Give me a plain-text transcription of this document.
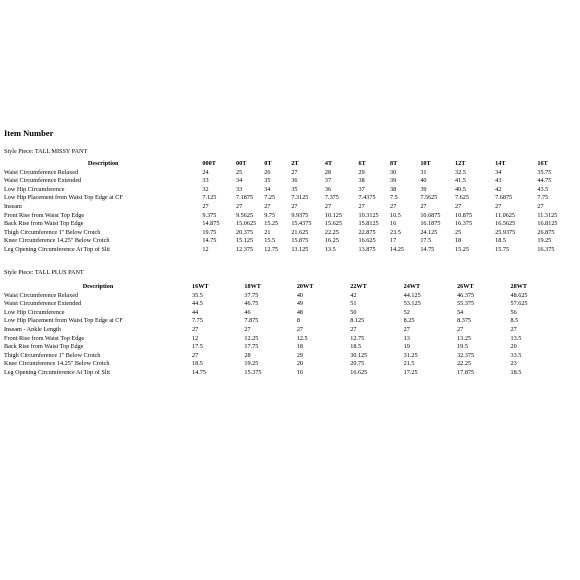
Item Number
Style Piece: TALL MISSY PANT
Description	000T	00T	0T	2T	4T	6T	8T	10T	12T	14T	16T
Waist Circumference Relaxed	24	25	26	27	28	29	30	31	32.5	34	35.75
Waist Circumference Extended	33	34	35	36	37	38	39	40	41.5	43	44.75
Low Hip Circumference	32	33	34	35	36	37	38	39	40.5	42	43.5
Low Hip Placement from Waist Top Edge at CF	7.125	7.1875	7.25	7.3125	7.375	7.4375	7.5	7.5625	7.625	7.6875	7.75
Inseam	27	27	27	27	27	27	27	27	27	27	27
Front Rise from Waist Top Edge	9.375	9.5625	9.75	9.9375	10.125	10.3125	10.5	10.6875	10.875	11.0625	11.3125
Back Rise from Waist Top Edge	14.875	15.0625	15.25	15.4375	15.625	15.8125	16	16.1875	16.375	16.5625	16.8125
Thigh Circumference 1" Below Crotch	19.75	20.375	21	21.625	22.25	22.875	23.5	24.125	25	25.9375	26.875
Knee Circumference 14.25" Below Crotch	14.75	15.125	15.5	15.875	16.25	16.625	17	17.5	18	18.5	19.25
Leg Opening Circumference At Top of Slit	12	12.375	12.75	13.125	13.5	13.875	14.25	14.75	15.25	15.75	16.375
Style Piece: TALL PLUS PANT
Description	16WT	18WT	20WT	22WT	24WT	26WT	28WT
Waist Circumference Relaxed	35.5	37.75	40	42	44.125	46.375	48.625
Waist Circumference Extended	44.5	46.75	49	51	53.125	55.375	57.625
Low Hip Circumference	44	46	48	50	52	54	56
Low Hip Placement from Waist Top Edge at CF	7.75	7.875	8	8.125	8.25	8.375	8.5
Inseam - Ankle Length	27	27	27	27	27	27	27
Front Rise from Waist Top Edge	12	12.25	12.5	12.75	13	13.25	13.5
Back Rise from Waist Top Edge	17.5	17.75	18	18.5	19	19.5	20
Thigh Circumference 1" Below Crotch	27	28	29	30.125	31.25	32.375	33.5
Knee Circumference 14.25" Below Crotch	18.5	19.25	20	20.75	21.5	22.25	23
Leg Opening Circumference At Top of Slit	14.75	15.375	16	16.625	17.25	17.875	18.5
